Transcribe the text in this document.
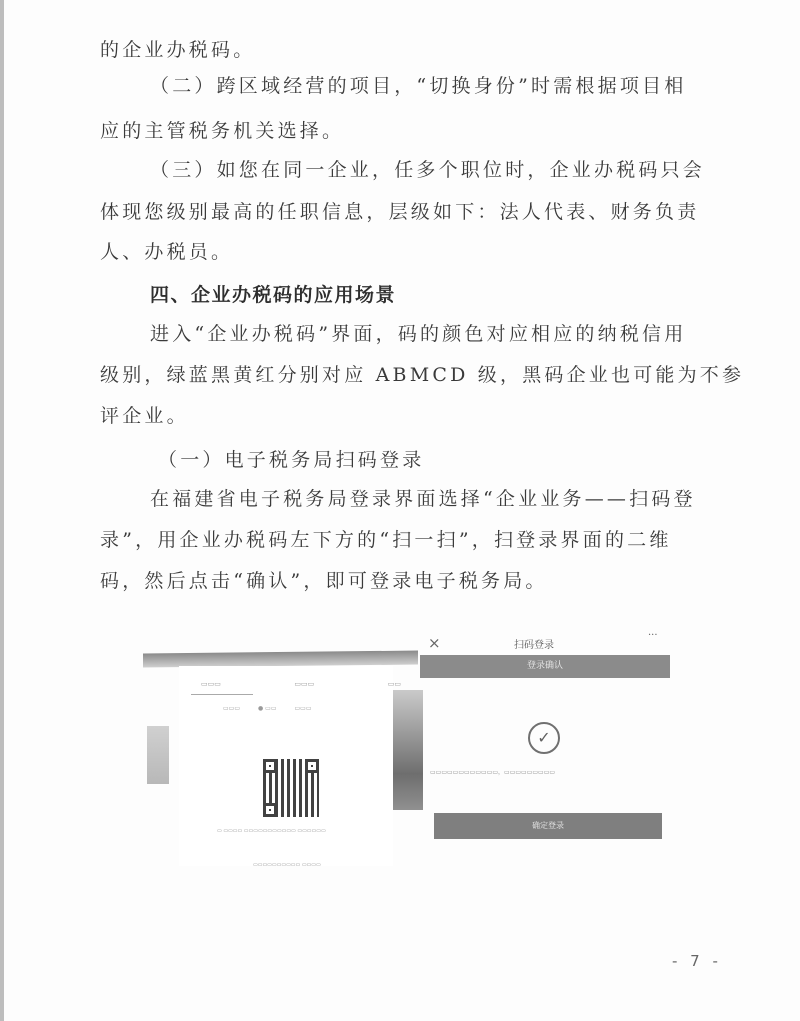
的企业办税码。
（二）跨区域经营的项目，“切换身份”时需根据项目相
应的主管税务机关选择。
（三）如您在同一企业，任多个职位时，企业办税码只会
体现您级别最高的任职信息，层级如下：法人代表、财务负责
人、办税员。
四、企业办税码的应用场景
进入“企业办税码”界面，码的颜色对应相应的纳税信用
级别，绿蓝黑黄红分别对应 ABMCD 级，黑码企业也可能为不参
评企业。
（一）电子税务局扫码登录
在福建省电子税务局登录界面选择“企业业务——扫码登
录”，用企业办税码左下方的“扫一扫”，扫登录界面的二维
码，然后点击“确认”，即可登录电子税务局。
▭▭▭	▭▭▭	▭▭
▭▭▭	● ▭▭	▭▭▭
▭ ▭▭▭▭ ▭▭▭▭▭▭▭▭▭▭▭ ▭▭▭▭▭▭
▭▭▭▭▭▭▭▭▭▭ ▭▭▭▭
×	扫码登录
···
登录确认
✓
▭▭▭▭▭▭▭▭▭▭▭▭，▭▭▭▭▭▭▭▭▭
确定登录
- 7 -
